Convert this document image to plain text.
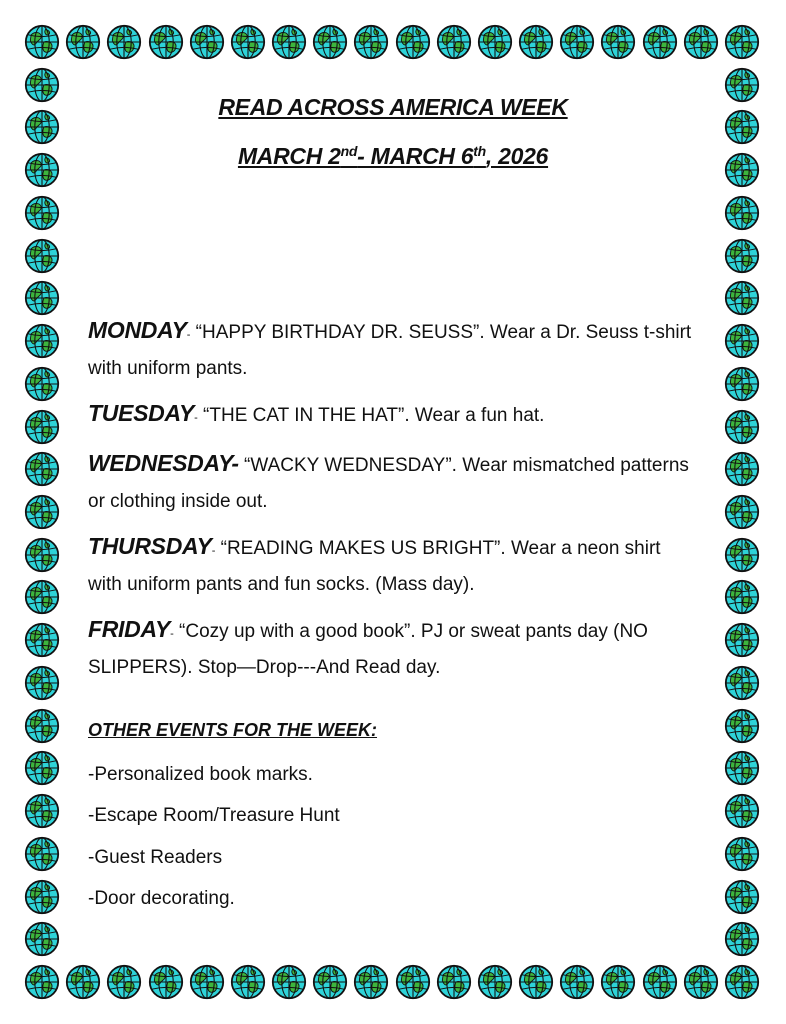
READ ACROSS AMERICA WEEK
MARCH 2nd- MARCH 6th, 2026
MONDAY- “HAPPY BIRTHDAY DR. SEUSS”. Wear a Dr. Seuss t-shirt with uniform pants.
TUESDAY- “THE CAT IN THE HAT”. Wear a fun hat.
WEDNESDAY- “WACKY WEDNESDAY”. Wear mismatched patterns or clothing inside out.
THURSDAY- “READING MAKES US BRIGHT”. Wear a neon shirt with uniform pants and fun socks. (Mass day).
FRIDAY- “Cozy up with a good book”. PJ or sweat pants day (NO SLIPPERS). Stop—Drop---And Read day.
OTHER EVENTS FOR THE WEEK:
-Personalized book marks.
-Escape Room/Treasure Hunt
-Guest Readers
-Door decorating.
